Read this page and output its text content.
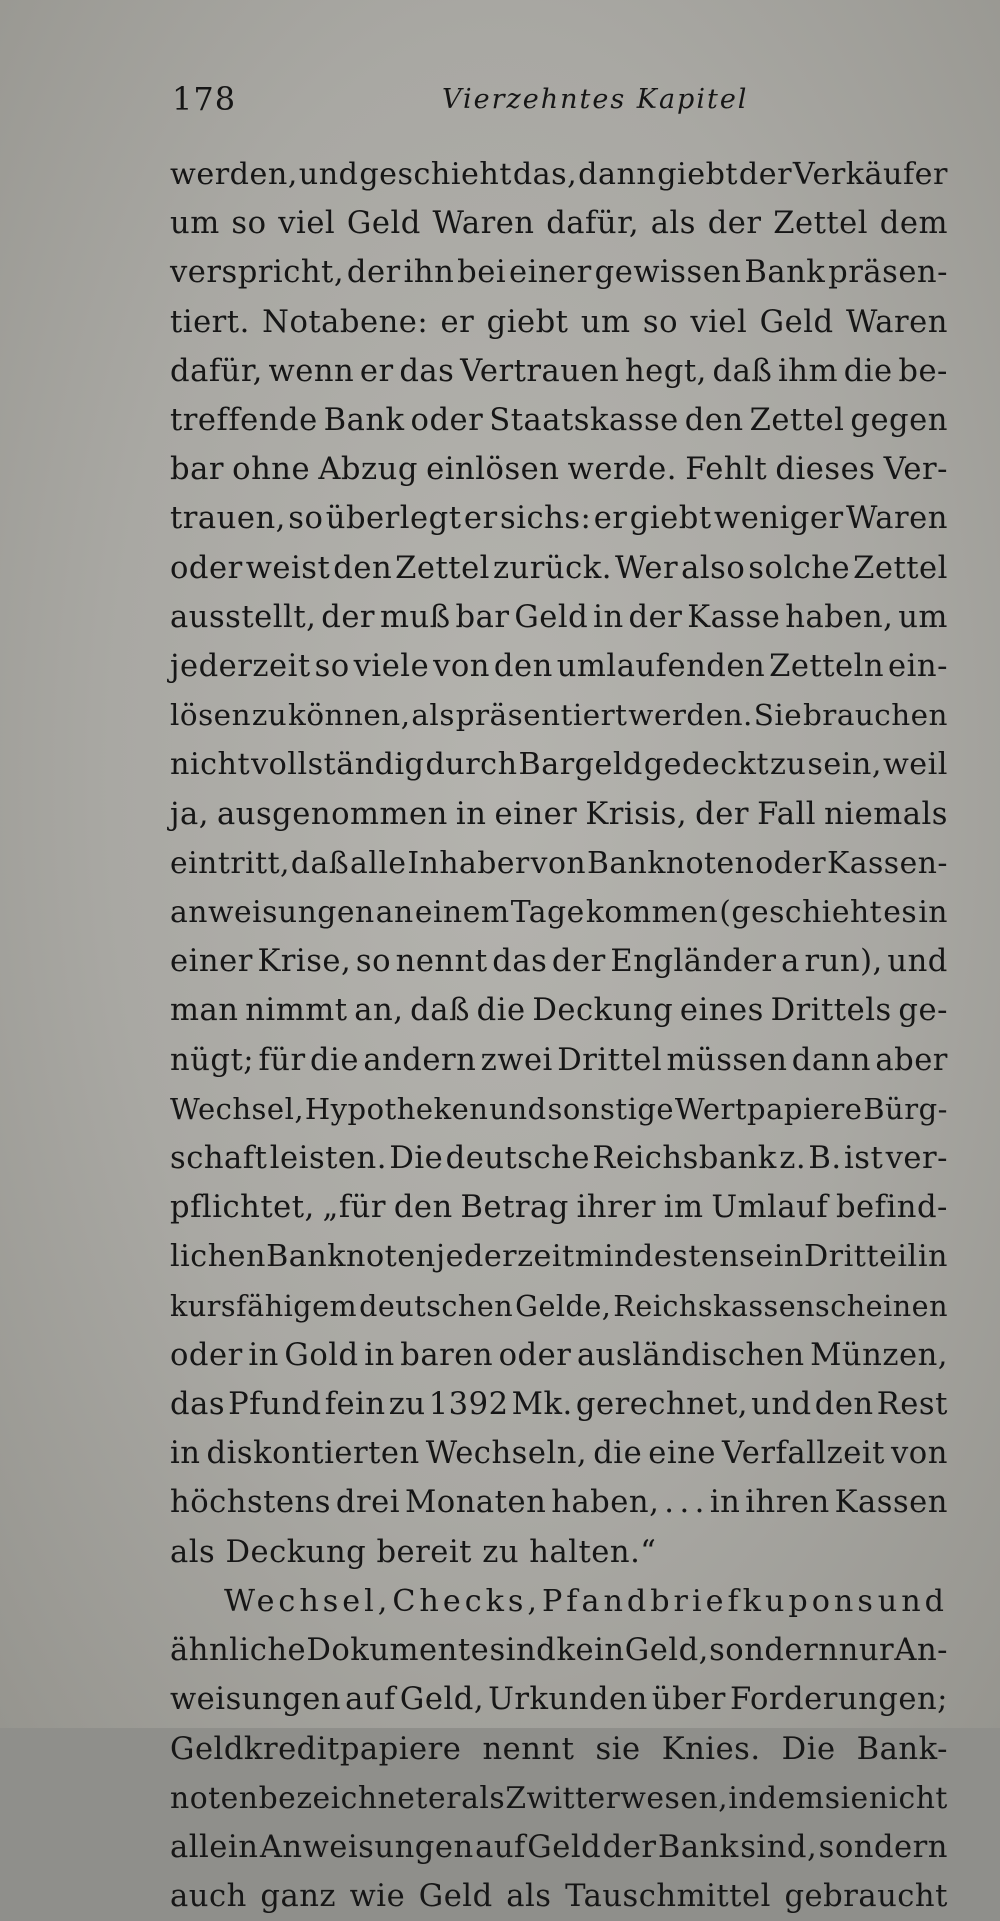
178	Vierzehntes Kapitel
werden, und geschieht das, dann giebt der Verkäufer
um so viel Geld Waren dafür, als der Zettel dem
verspricht, der ihn bei einer gewissen Bank präsen-
tiert. Notabene: er giebt um so viel Geld Waren
dafür, wenn er das Vertrauen hegt, daß ihm die be-
treffende Bank oder Staatskasse den Zettel gegen
bar ohne Abzug einlösen werde. Fehlt dieses Ver-
trauen, so überlegt er sichs: er giebt weniger Waren
oder weist den Zettel zurück. Wer also solche Zettel
ausstellt, der muß bar Geld in der Kasse haben, um
jederzeit so viele von den umlaufenden Zetteln ein-
lösen zu können, als präsentiert werden. Sie brauchen
nicht vollständig durch Bargeld gedeckt zu sein, weil
ja, ausgenommen in einer Krisis, der Fall niemals
eintritt, daß alle Inhaber von Banknoten oder Kassen-
anweisungen an einem Tage kommen (geschieht es in
einer Krise, so nennt das der Engländer a run), und
man nimmt an, daß die Deckung eines Drittels ge-
nügt; für die andern zwei Drittel müssen dann aber
Wechsel, Hypotheken und sonstige Wertpapiere Bürg-
schaft leisten. Die deutsche Reichsbank z. B. ist ver-
pflichtet, „für den Betrag ihrer im Umlauf befind-
lichen Banknoten jederzeit mindestens ein Dritteil in
kursfähigem deutschen Gelde, Reichskassenscheinen
oder in Gold in baren oder ausländischen Münzen,
das Pfund fein zu 1392 Mk. gerechnet, und den Rest
in diskontierten Wechseln, die eine Verfallzeit von
höchstens drei Monaten haben, . . . in ihren Kassen
als Deckung bereit zu halten.“
Wechsel, Checks, Pfandbriefkupons und
ähnliche Dokumente sind kein Geld, sondern nur An-
weisungen auf Geld, Urkunden über Forderungen;
Geldkreditpapiere nennt sie Knies. Die Bank-
noten bezeichnet er als Zwitterwesen, indem sie nicht
allein Anweisungen auf Geld der Bank sind, sondern
auch ganz wie Geld als Tauschmittel gebraucht
